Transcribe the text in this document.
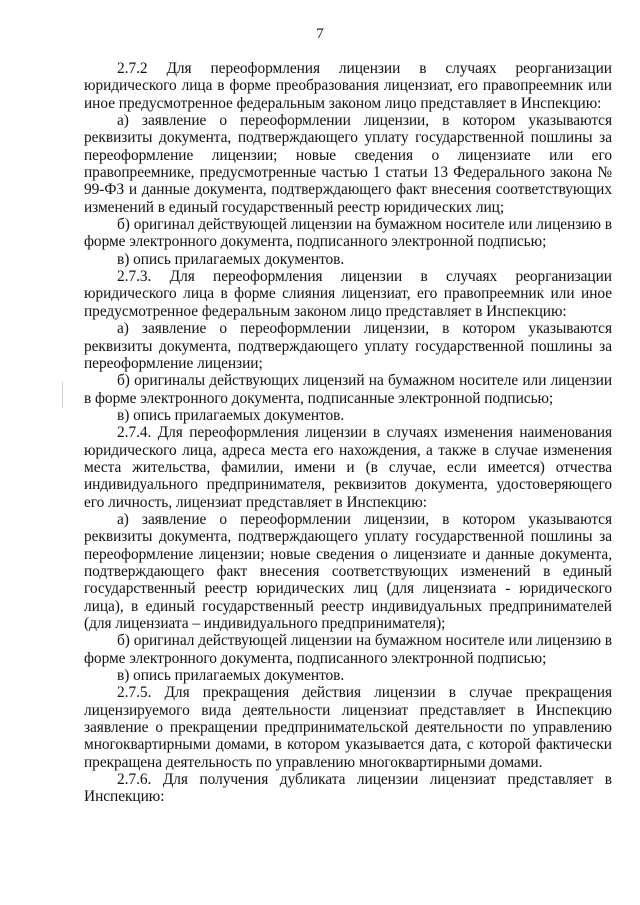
7

2.7.2 Для переоформления лицензии в случаях реорганизации юридического лица в форме преобразования лицензиат, его правопреемник или иное предусмотренное федеральным законом лицо представляет в Инспекцию:

а) заявление о переоформлении лицензии, в котором указываются реквизиты документа, подтверждающего уплату государственной пошлины за переоформление лицензии; новые сведения о лицензиате или его правопреемнике, предусмотренные частью 1 статьи 13 Федерального закона № 99-ФЗ и данные документа, подтверждающего факт внесения соответствующих изменений в единый государственный реестр юридических лиц;

б) оригинал действующей лицензии на бумажном носителе или лицензию в форме электронного документа, подписанного электронной подписью;

в) опись прилагаемых документов.

2.7.3. Для переоформления лицензии в случаях реорганизации юридического лица в форме слияния лицензиат, его правопреемник или иное предусмотренное федеральным законом лицо представляет в Инспекцию:

а) заявление о переоформлении лицензии, в котором указываются реквизиты документа, подтверждающего уплату государственной пошлины за переоформление лицензии;

б) оригиналы действующих лицензий на бумажном носителе или лицензии в форме электронного документа, подписанные электронной подписью;

в) опись прилагаемых документов.

2.7.4. Для переоформления лицензии в случаях изменения наименования юридического лица, адреса места его нахождения, а также в случае изменения места жительства, фамилии, имени и (в случае, если имеется) отчества индивидуального предпринимателя, реквизитов документа, удостоверяющего его личность, лицензиат представляет в Инспекцию:

а) заявление о переоформлении лицензии, в котором указываются реквизиты документа, подтверждающего уплату государственной пошлины за переоформление лицензии; новые сведения о лицензиате и данные документа, подтверждающего факт внесения соответствующих изменений в единый государственный реестр юридических лиц (для лицензиата - юридического лица), в единый государственный реестр индивидуальных предпринимателей (для лицензиата – индивидуального предпринимателя);

б) оригинал действующей лицензии на бумажном носителе или лицензию в форме электронного документа, подписанного электронной подписью;

в) опись прилагаемых документов.

2.7.5. Для прекращения действия лицензии в случае прекращения лицензируемого вида деятельности лицензиат представляет в Инспекцию заявление о прекращении предпринимательской деятельности по управлению многоквартирными домами, в котором указывается дата, с которой фактически прекращена деятельность по управлению многоквартирными домами.

2.7.6. Для получения дубликата лицензии лицензиат представляет в Инспекцию:
